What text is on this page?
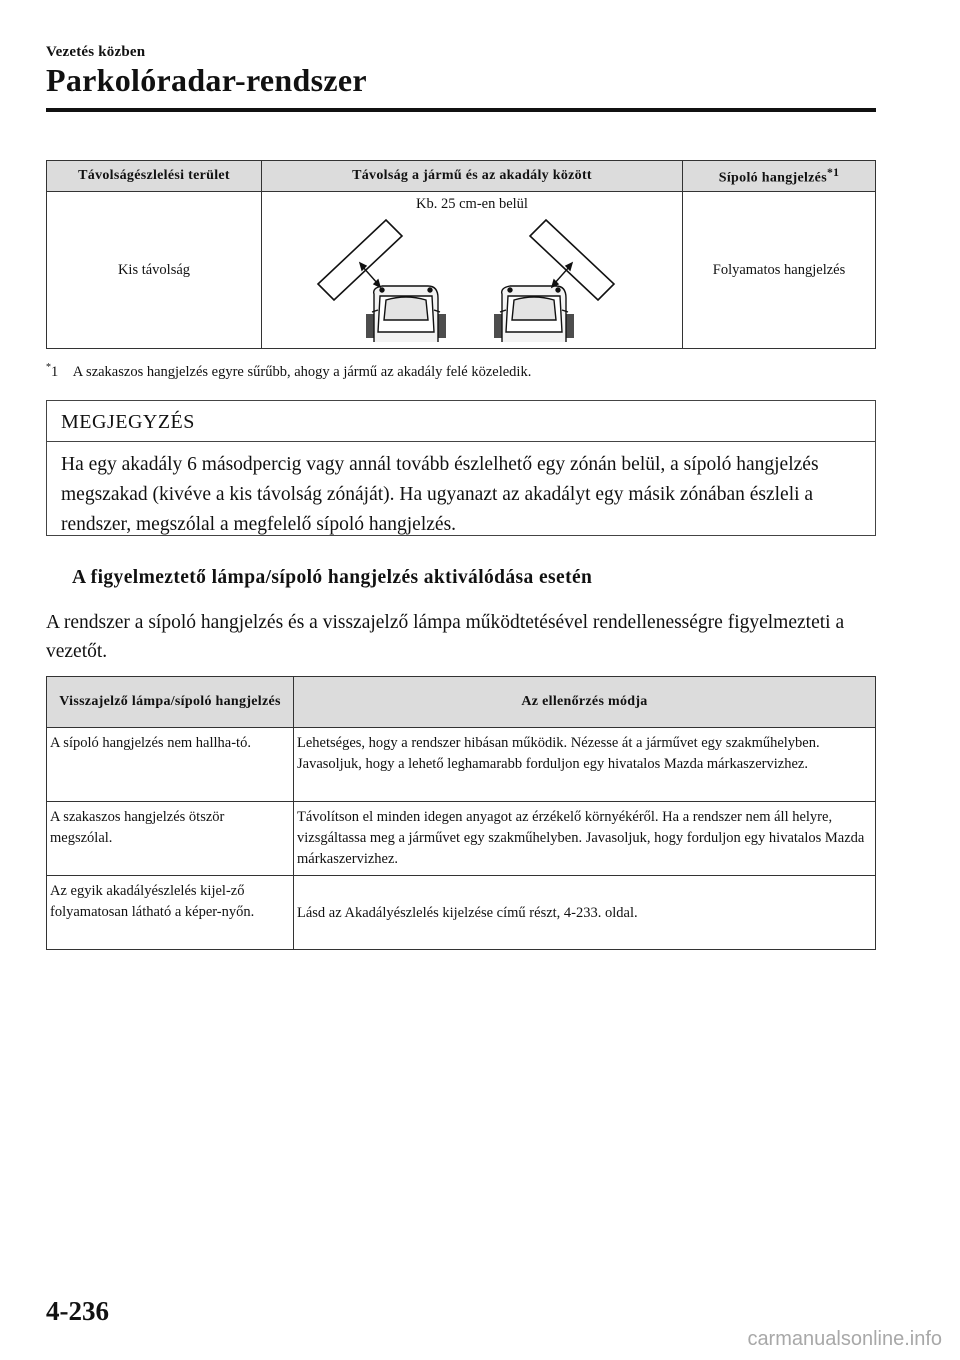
Vezetés közben
Parkolóradar-rendszer
Távolságészlelési terület	Távolság a jármű és az akadály között	Sípoló hangjelzés$^{*1}$
Kis távolság	Kb. 25 cm-en belül	Folyamatos hangjelzés
*1 A szakaszos hangjelzés egyre sűrűbb, ahogy a jármű az akadály felé közeledik.
MEGJEGYZÉS
Ha egy akadály 6 másodpercig vagy annál tovább észlelhető egy zónán belül, a sípoló hangjelzés megszakad (kivéve a kis távolság zónáját). Ha ugyanazt az akadályt egy másik zónában észleli a rendszer, megszólal a megfelelő sípoló hangjelzés.
A figyelmeztető lámpa/sípoló hangjelzés aktiválódása esetén

A rendszer a sípoló hangjelzés és a visszajelző lámpa működtetésével rendellenességre figyelmezteti a vezetőt.

Visszajelző lámpa/sípoló hangjelzés	Az ellenőrzés módja
A sípoló hangjelzés nem hallha-tó.	Lehetséges, hogy a rendszer hibásan működik. Nézesse át a járművet egy szakműhelyben. Javasoljuk, hogy a lehető leghamarabb forduljon egy hivatalos Mazda márkaszervizhez.
A szakaszos hangjelzés ötször megszólal.	Távolítson el minden idegen anyagot az érzékelő környékéről. Ha a rendszer nem áll helyre, vizsgáltassa meg a járművet egy szakműhelyben. Javasoljuk, hogy forduljon egy hivatalos Mazda márkaszervizhez.
Az egyik akadályészlelés kijel-ző folyamatosan látható a képer-nyőn.	Lásd az Akadályészlelés kijelzése című részt, 4-233. oldal.
4-236
carmanualsonline.info
